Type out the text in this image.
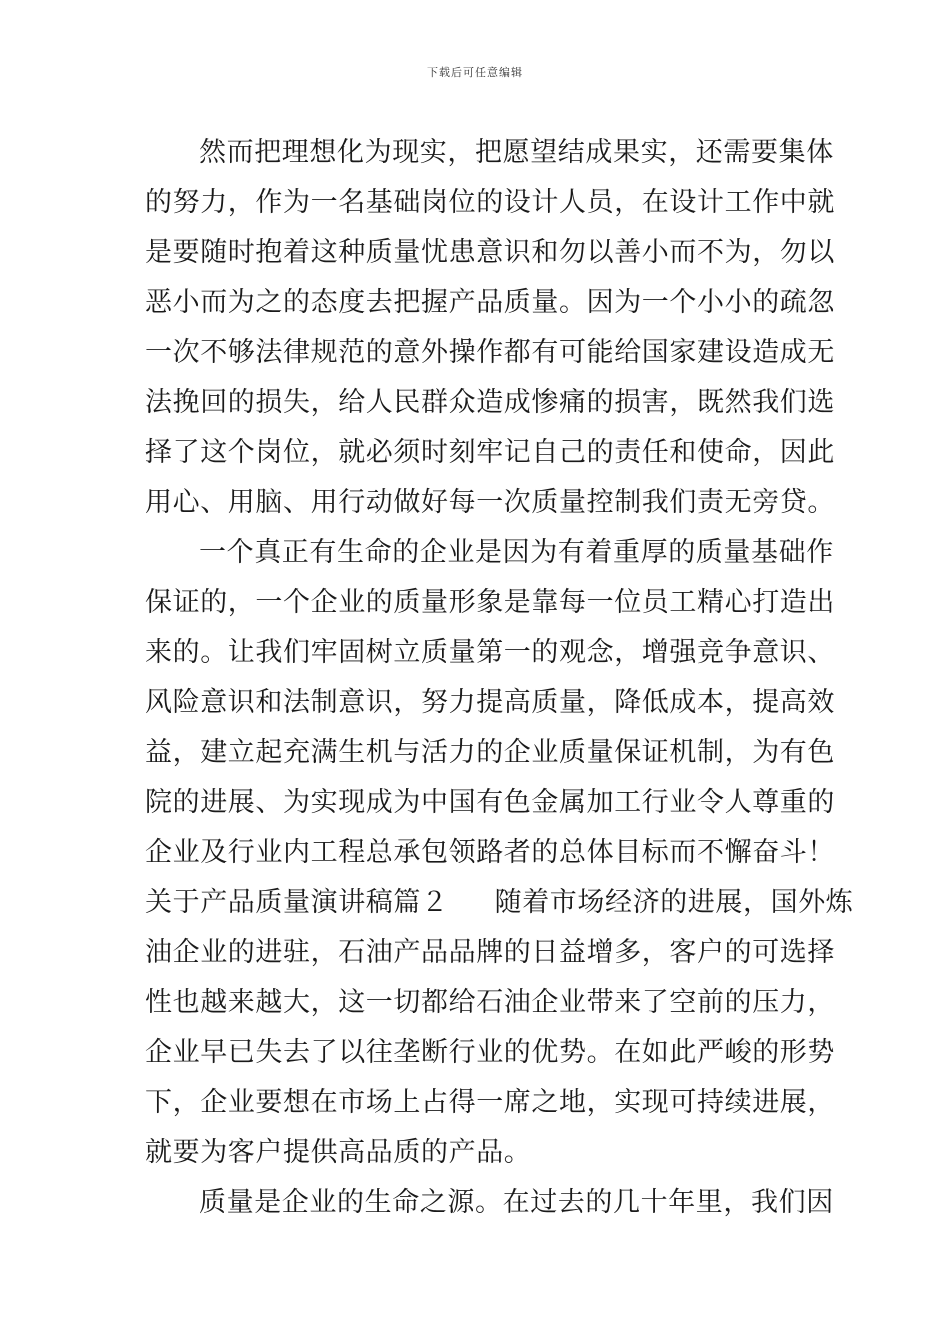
下载后可任意编辑
然而把理想化为现实，把愿望结成果实，还需要集体
的努力，作为一名基础岗位的设计人员，在设计工作中就
是要随时抱着这种质量忧患意识和勿以善小而不为，勿以
恶小而为之的态度去把握产品质量。因为一个小小的疏忽
一次不够法律规范的意外操作都有可能给国家建设造成无
法挽回的损失，给人民群众造成惨痛的损害，既然我们选
择了这个岗位，就必须时刻牢记自己的责任和使命，因此
用心、用脑、用行动做好每一次质量控制我们责无旁贷。
一个真正有生命的企业是因为有着重厚的质量基础作
保证的，一个企业的质量形象是靠每一位员工精心打造出
来的。让我们牢固树立质量第一的观念，增强竞争意识、
风险意识和法制意识，努力提高质量，降低成本，提高效
益，建立起充满生机与活力的企业质量保证机制，为有色
院的进展、为实现成为中国有色金属加工行业令人尊重的
企业及行业内工程总承包领路者的总体目标而不懈奋斗！
关于产品质量演讲稿篇２ 随着市场经济的进展，国外炼
油企业的进驻，石油产品品牌的日益增多，客户的可选择
性也越来越大，这一切都给石油企业带来了空前的压力，
企业早已失去了以往垄断行业的优势。在如此严峻的形势
下，企业要想在市场上占得一席之地，实现可持续进展，
就要为客户提供高品质的产品。
质量是企业的生命之源。在过去的几十年里，我们因
